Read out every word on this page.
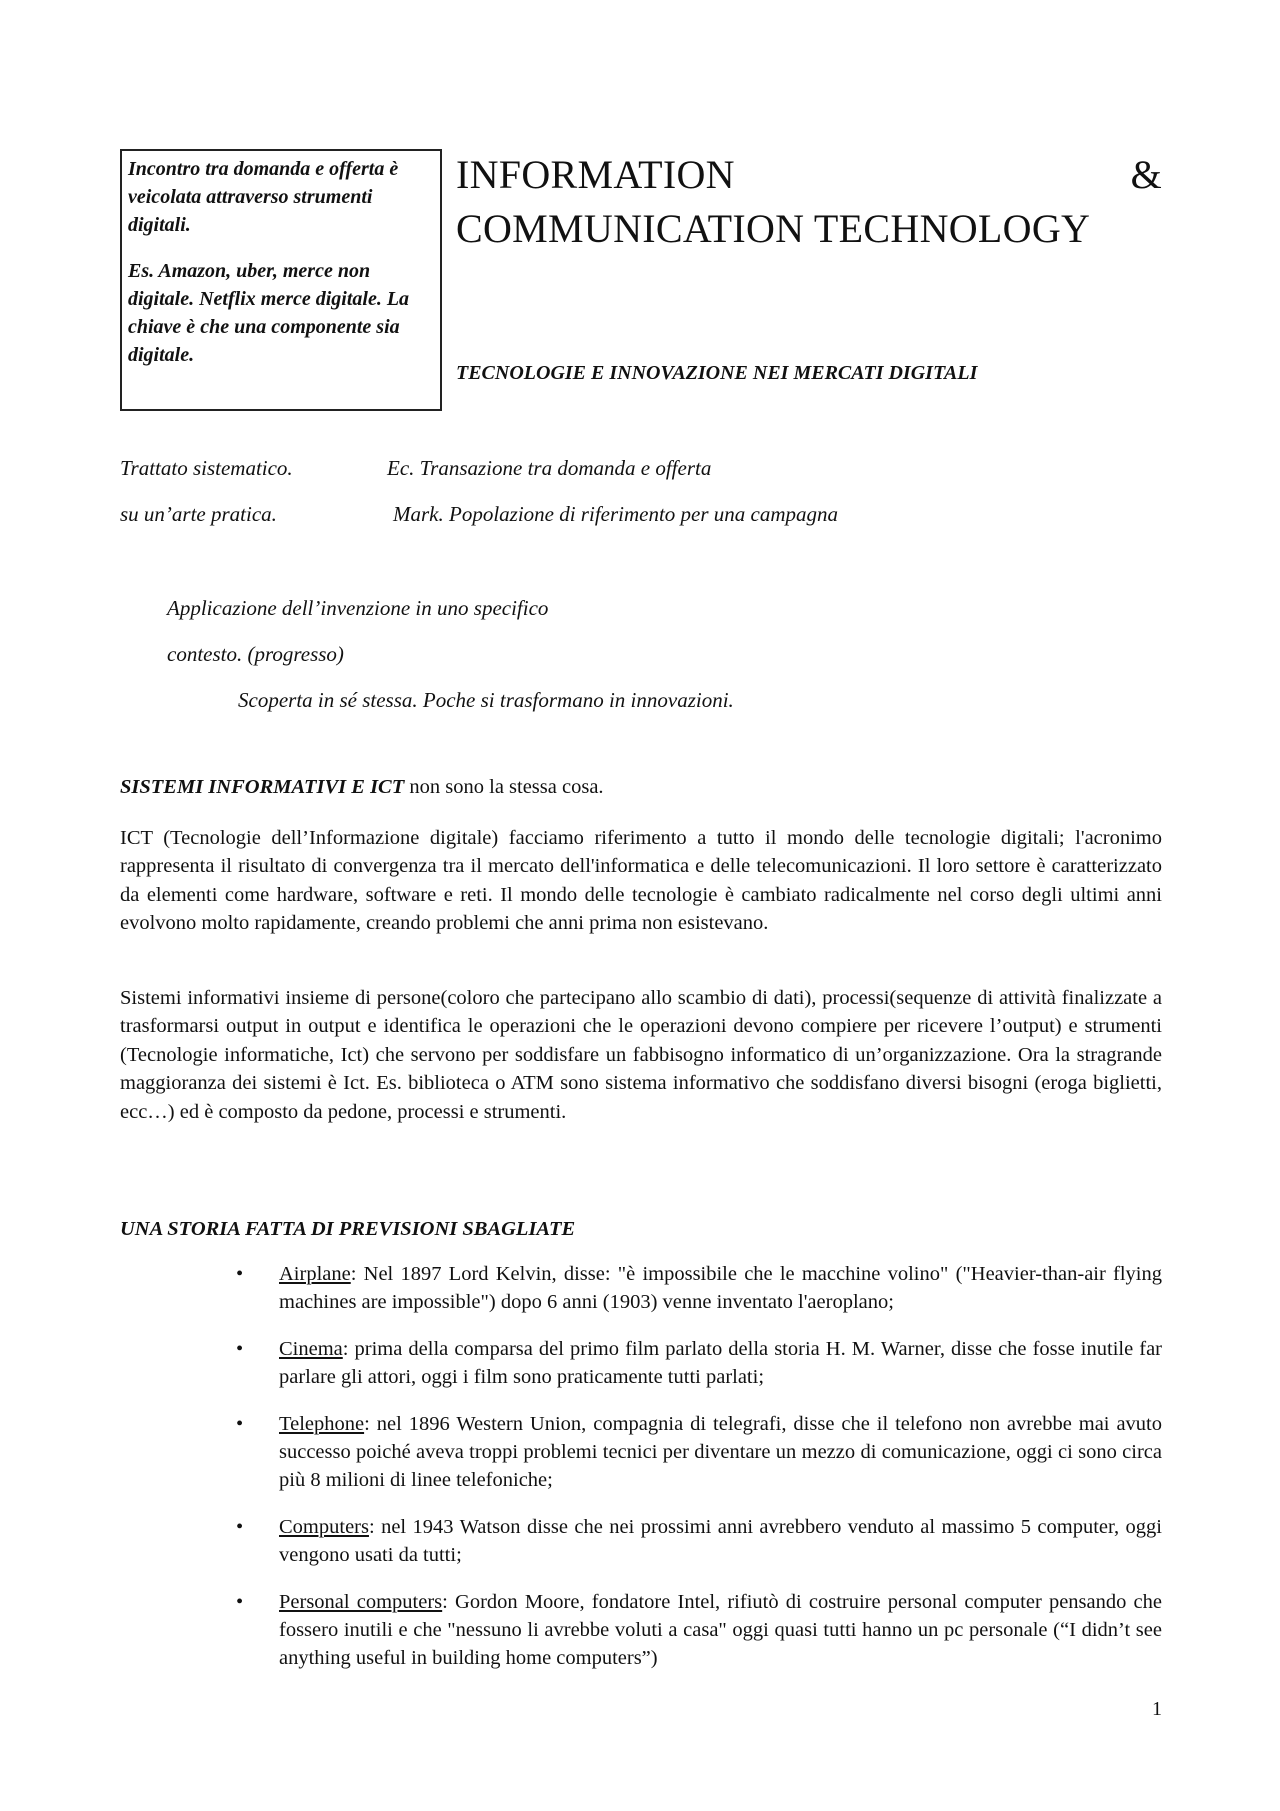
Incontro tra domanda e offerta è veicolata attraverso strumenti digitali.

Es. Amazon, uber, merce non digitale. Netflix merce digitale. La chiave è che una componente sia digitale.

INFORMATION	&
COMMUNICATION TECHNOLOGY
TECNOLOGIE E INNOVAZIONE NEI MERCATI DIGITALI
Trattato sistematico.
su un’arte pratica.
Ec. Transazione tra domanda e offerta
Mark. Popolazione di riferimento per una campagna
Applicazione dell’invenzione in uno specifico
contesto. (progresso)
Scoperta in sé stessa. Poche si trasformano in innovazioni.
SISTEMI INFORMATIVI E ICT non sono la stessa cosa.
ICT (Tecnologie dell’Informazione digitale) facciamo riferimento a tutto il mondo delle tecnologie digitali; l'acronimo rappresenta il risultato di convergenza tra il mercato dell'informatica e delle telecomunicazioni. Il loro settore è caratterizzato da elementi come hardware, software e reti. Il mondo delle tecnologie è cambiato radicalmente nel corso degli ultimi anni evolvono molto rapidamente, creando problemi che anni prima non esistevano.
Sistemi informativi insieme di persone(coloro che partecipano allo scambio di dati), processi(sequenze di attività finalizzate a trasformarsi output in output e identifica le operazioni che le operazioni devono compiere per ricevere l’output) e strumenti (Tecnologie informatiche, Ict) che servono per soddisfare un fabbisogno informatico di un’organizzazione. Ora la stragrande maggioranza dei sistemi è Ict. Es. biblioteca o ATM sono sistema informativo che soddisfano diversi bisogni (eroga biglietti, ecc…) ed è composto da pedone, processi e strumenti.
UNA STORIA FATTA DI PREVISIONI SBAGLIATE
• Airplane: Nel 1897 Lord Kelvin, disse: "è impossibile che le macchine volino" ("Heavier-than-air flying machines are impossible") dopo 6 anni (1903) venne inventato l'aeroplano;
• Cinema: prima della comparsa del primo film parlato della storia H. M. Warner, disse che fosse inutile far parlare gli attori, oggi i film sono praticamente tutti parlati;
• Telephone: nel 1896 Western Union, compagnia di telegrafi, disse che il telefono non avrebbe mai avuto successo poiché aveva troppi problemi tecnici per diventare un mezzo di comunicazione, oggi ci sono circa più 8 milioni di linee telefoniche;
• Computers: nel 1943 Watson disse che nei prossimi anni avrebbero venduto al massimo 5 computer, oggi vengono usati da tutti;
• Personal computers: Gordon Moore, fondatore Intel, rifiutò di costruire personal computer pensando che fossero inutili e che "nessuno li avrebbe voluti a casa" oggi quasi tutti hanno un pc personale (“I didn’t see anything useful in building home computers”)
1
